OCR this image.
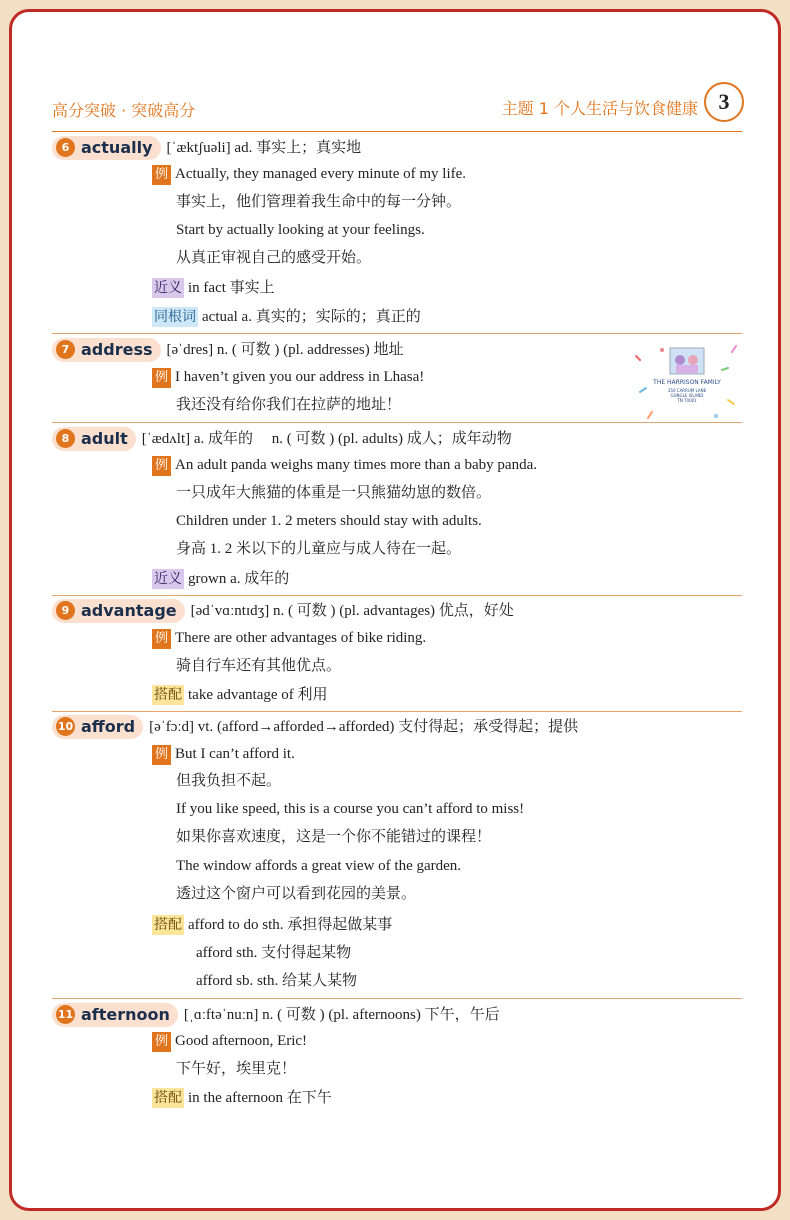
高分突破 · 突破高分	主题 1 个人生活与饮食健康 3
6 actually [ˈæktʃuəli] ad. 事实上；真实地
例 Actually, they managed every minute of my life.
事实上，他们管理着我生命中的每一分钟。
Start by actually looking at your feelings.
从真正审视自己的感受开始。
近义 in fact 事实上
同根词 actual a. 真实的；实际的；真正的
7 address [əˈdres] n. ( 可数 ) (pl. addresses) 地址
例 I haven’t given you our address in Lhasa!
我还没有给你我们在拉萨的地址！
THE HARRISON FAMILY
350 CARRUM LANE
GUNGLE ISLAND
TN 70001
8 adult [ˈædʌlt] a. 成年的　 n. ( 可数 ) (pl. adults) 成人；成年动物
例 An adult panda weighs many times more than a baby panda.
一只成年大熊猫的体重是一只熊猫幼崽的数倍。
Children under 1. 2 meters should stay with adults.
身高 1. 2 米以下的儿童应与成人待在一起。
近义 grown a. 成年的
9 advantage [ədˈvɑːntɪdʒ] n. ( 可数 ) (pl. advantages) 优点，好处
例 There are other advantages of bike riding.
骑自行车还有其他优点。
搭配 take advantage of 利用
10 afford [əˈfɔːd] vt. (afford→afforded→afforded) 支付得起；承受得起；提供
例 But I can’t afford it.
但我负担不起。
If you like speed, this is a course you can’t afford to miss!
如果你喜欢速度，这是一个你不能错过的课程！
The window affords a great view of the garden.
透过这个窗户可以看到花园的美景。
搭配 afford to do sth. 承担得起做某事
afford sth. 支付得起某物
afford sb. sth. 给某人某物
11 afternoon [ˌɑːftəˈnuːn] n. ( 可数 ) (pl. afternoons) 下午，午后
例 Good afternoon, Eric!
下午好，埃里克！
搭配 in the afternoon 在下午
